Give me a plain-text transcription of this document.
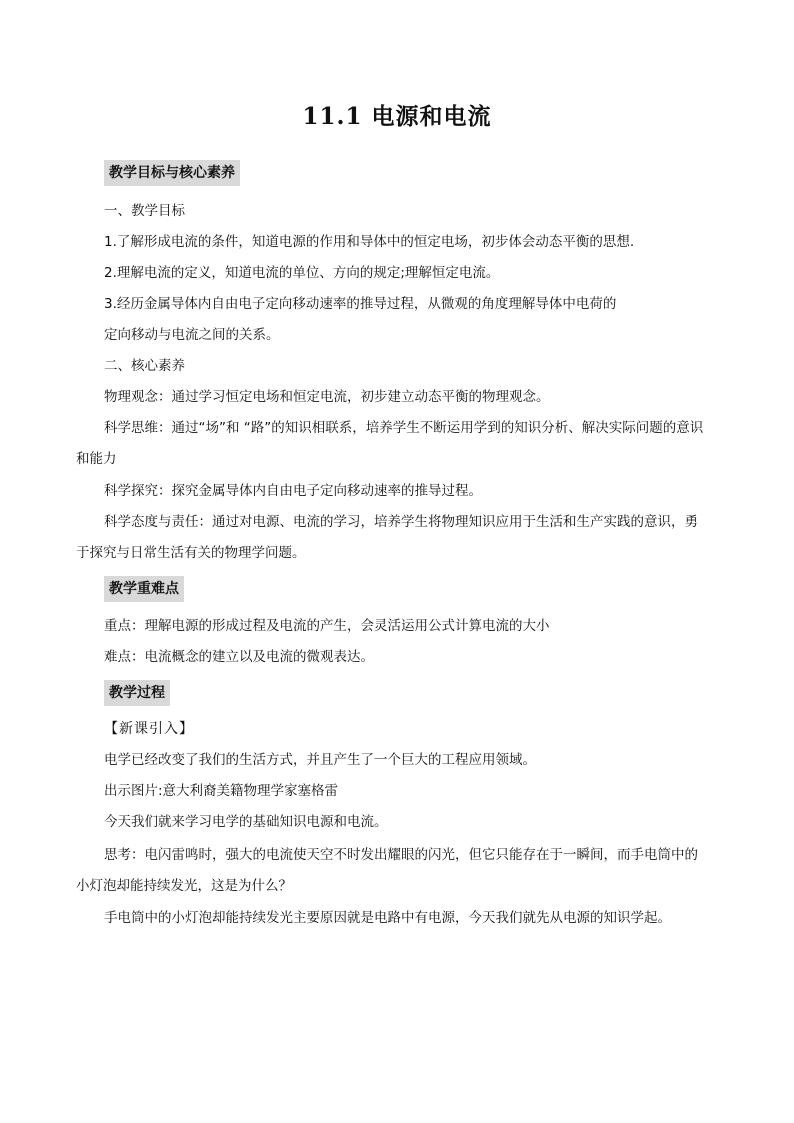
11.1 电源和电流
教学目标与核心素养
一、教学目标
1.了解形成电流的条件，知道电源的作用和导体中的恒定电场，初步体会动态平衡的思想.
2.理解电流的定义，知道电流的单位、方向的规定;理解恒定电流。
3.经历金属导体内自由电子定向移动速率的推导过程，从微观的角度理解导体中电荷的
定向移动与电流之间的关系。
二、核心素养
物理观念：通过学习恒定电场和恒定电流，初步建立动态平衡的物理观念。
科学思维：通过“场”和 “路”的知识相联系，培养学生不断运用学到的知识分析、解决实际问题的意识
和能力
科学探究：探究金属导体内自由电子定向移动速率的推导过程。
科学态度与责任：通过对电源、电流的学习，培养学生将物理知识应用于生活和生产实践的意识，勇
于探究与日常生活有关的物理学问题。
教学重难点
重点：理解电源的形成过程及电流的产生，会灵活运用公式计算电流的大小
难点：电流概念的建立以及电流的微观表达。
教学过程
【新课引入】
电学已经改变了我们的生活方式，并且产生了一个巨大的工程应用领域。
出示图片:意大利裔美籍物理学家塞格雷
今天我们就来学习电学的基础知识电源和电流。
思考：电闪雷鸣时，强大的电流使天空不时发出耀眼的闪光，但它只能存在于一瞬间，而手电筒中的
小灯泡却能持续发光，这是为什么？
手电筒中的小灯泡却能持续发光主要原因就是电路中有电源，今天我们就先从电源的知识学起。
